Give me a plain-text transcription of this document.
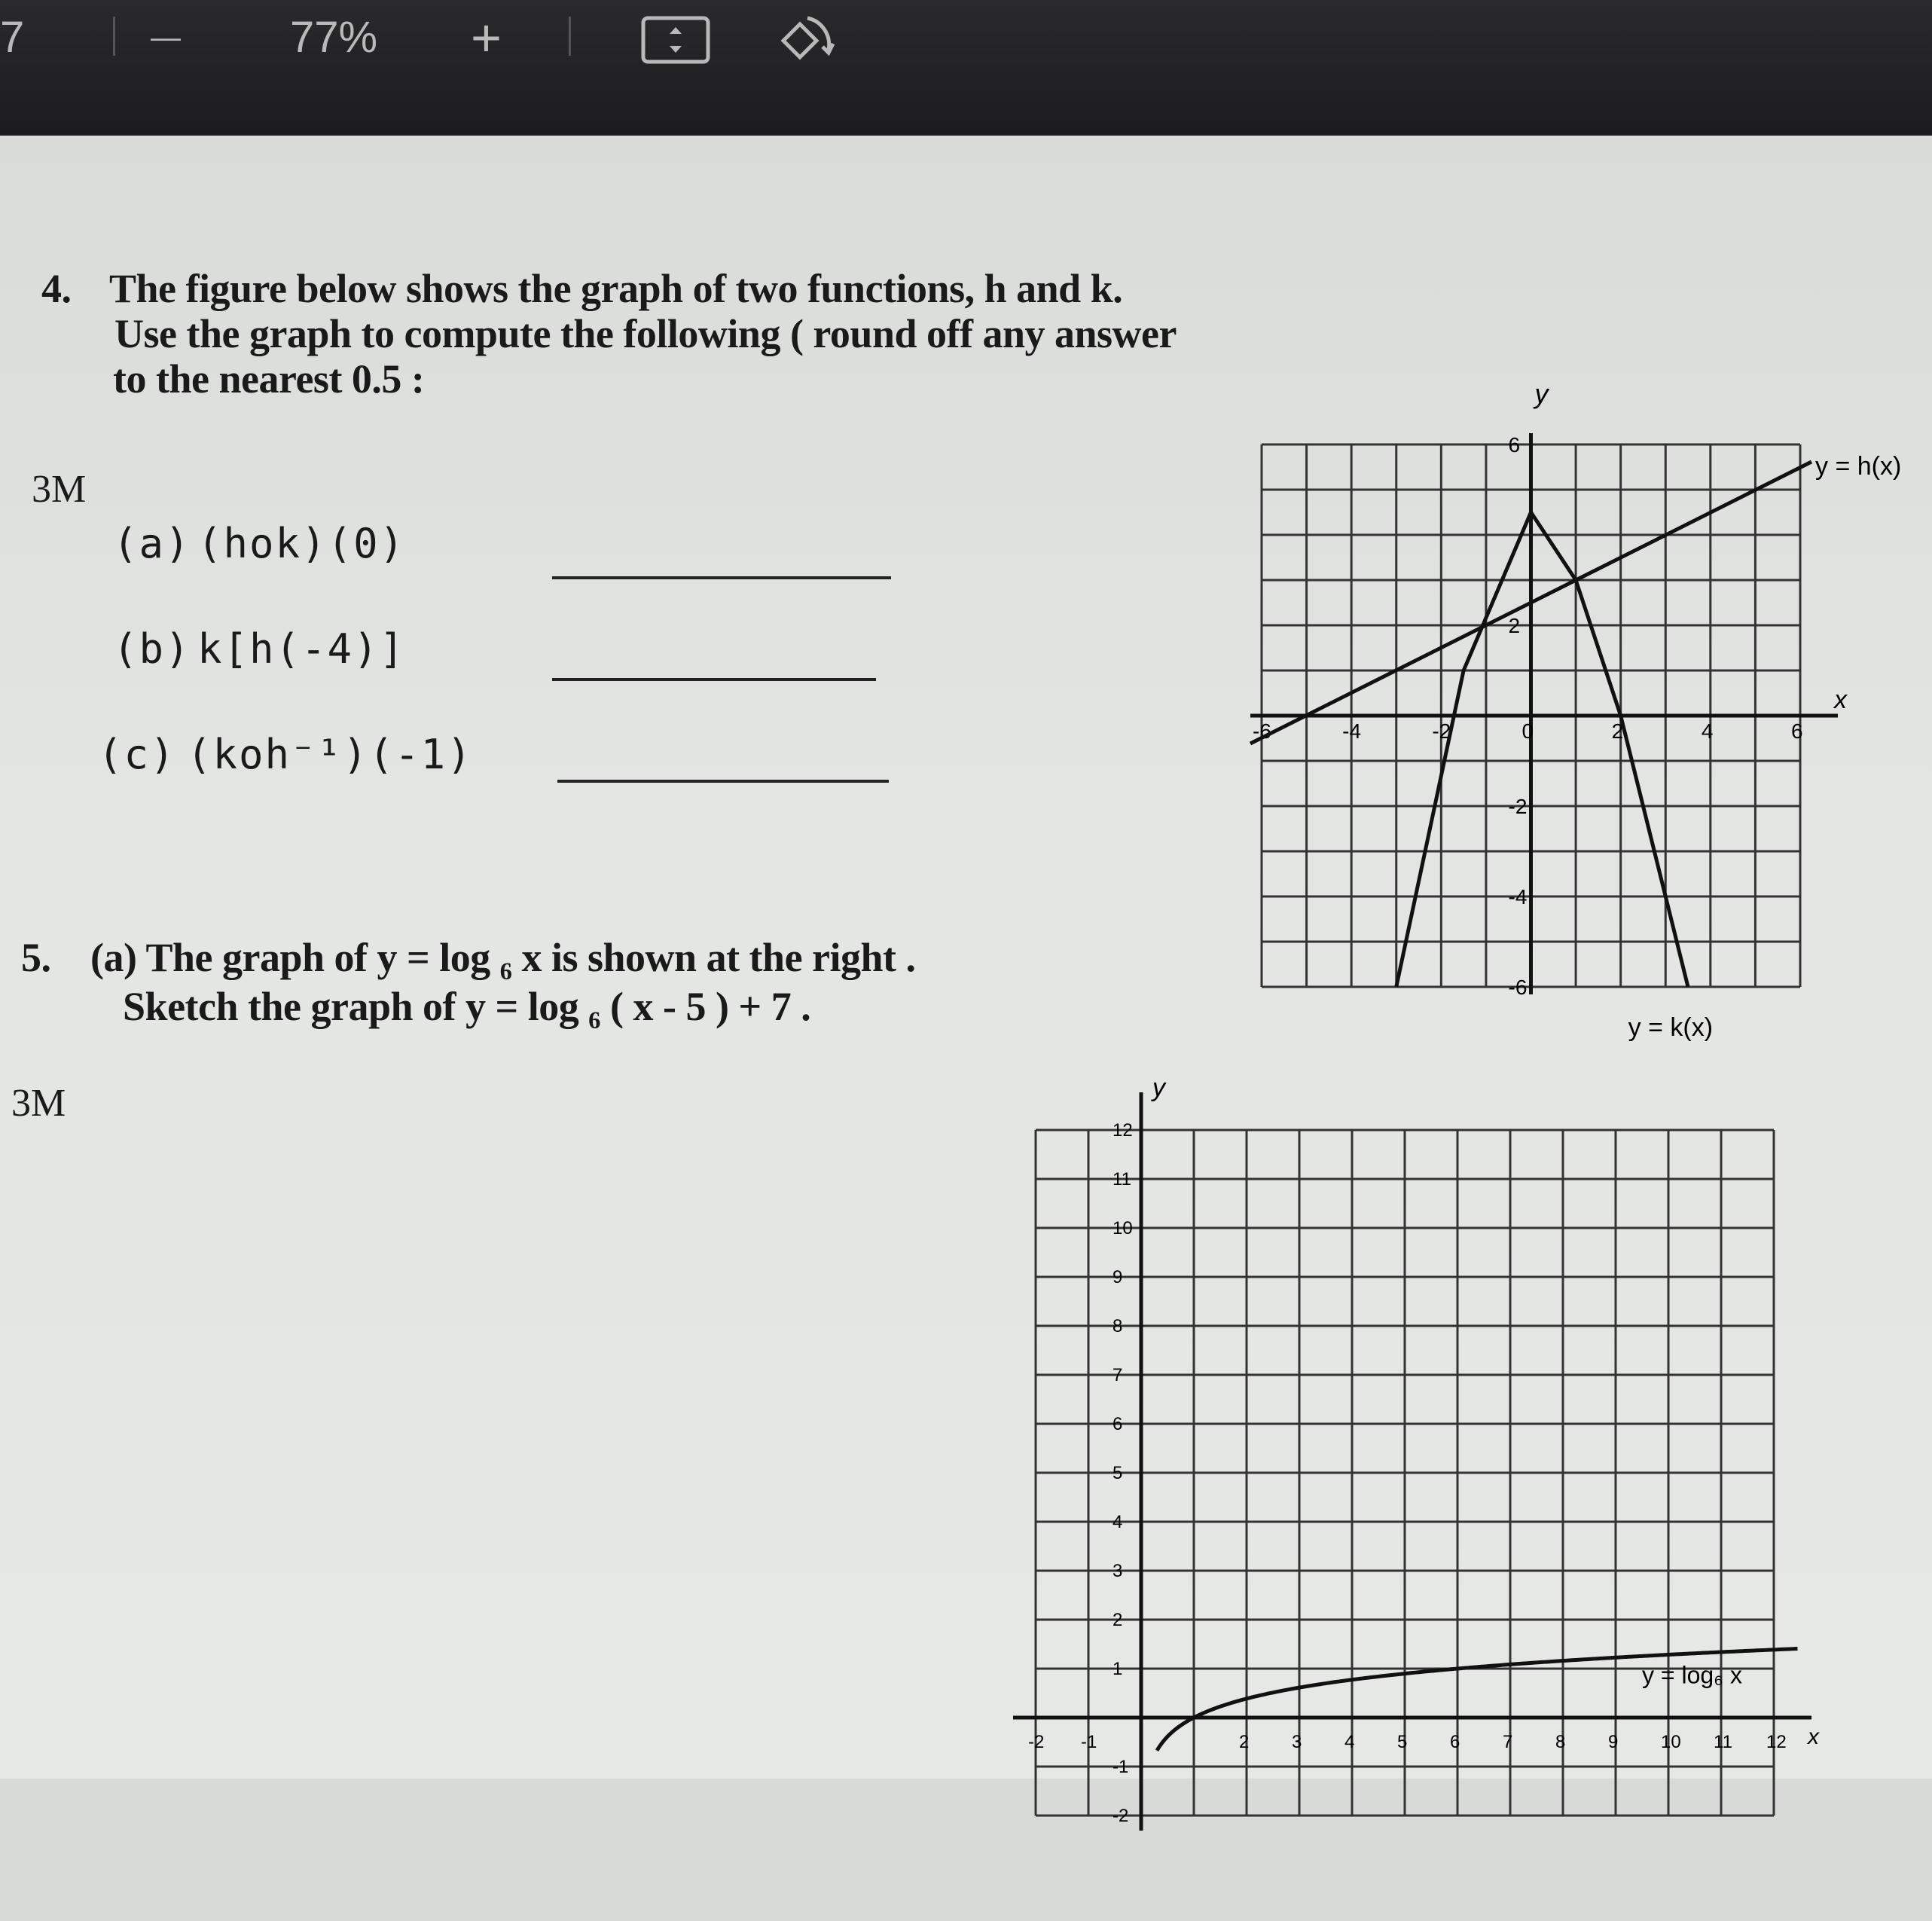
7	—	77% +
4. The figure below shows the graph of two functions, h and k.
Use the graph to compute the following ( round off any answer
to the nearest 0.5 :
3M
(a) (hok)(0)
(b) k[h(-4)]
(c) (koh⁻¹)(-1)
5. (a) The graph of y = log ₆ x is shown at the right .
Sketch the graph of y = log ₆ ( x - 5 ) + 7 .
3M
x
y
-6	-4	-2	0	2	4	6
6
2
-2
-4
-6
y = h(x)
y = k(x)
x
y
-2 -1	2 3 4 5 6 7 8 9 10 11 12
12
11
10
9
8
7
6
5
4
3
2
1
-1
-2
y = log₆ x
